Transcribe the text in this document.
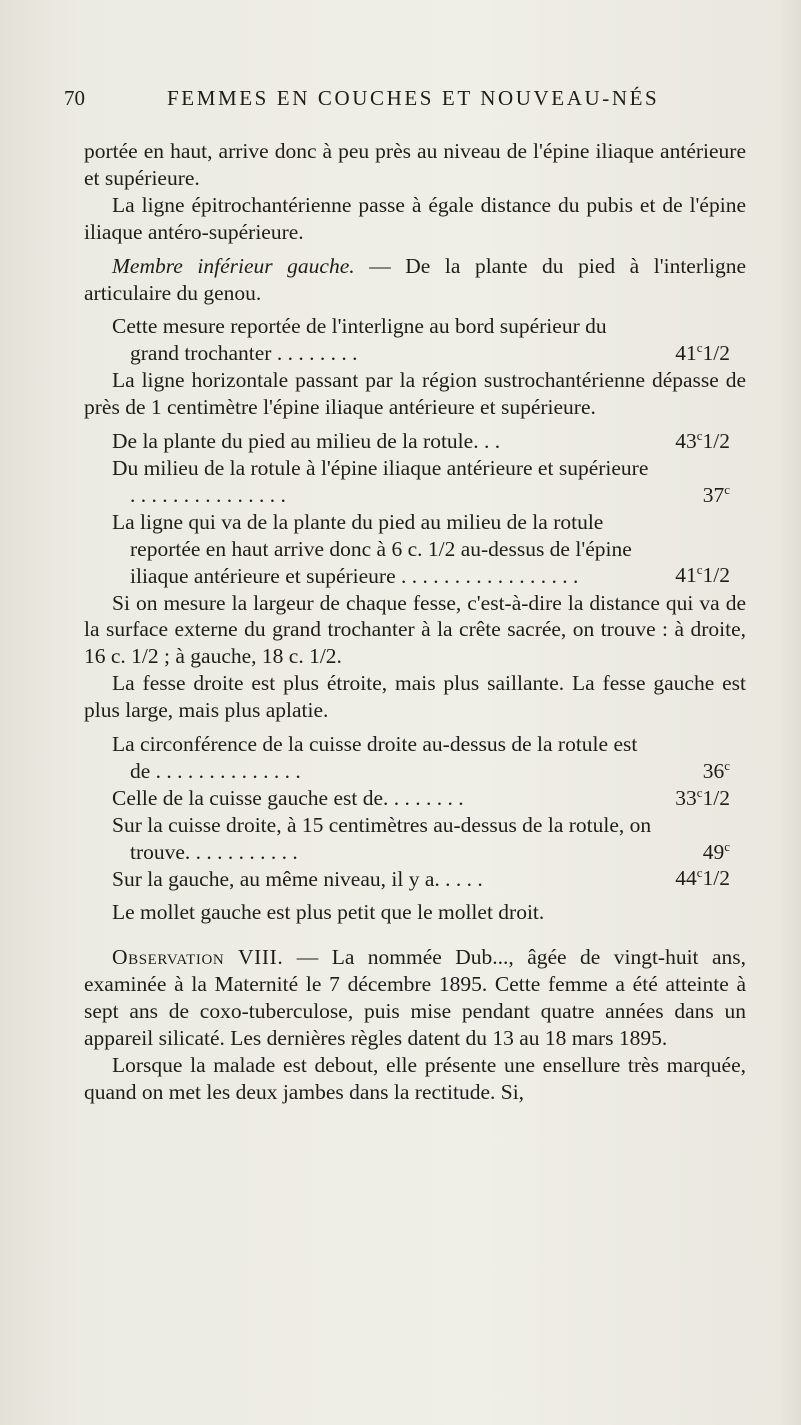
70	FEMMES EN COUCHES ET NOUVEAU-NÉS

portée en haut, arrive donc à peu près au niveau de l'épine iliaque antérieure et supérieure.

La ligne épitrochantérienne passe à égale distance du pubis et de l'épine iliaque antéro-supérieure.

Membre inférieur gauche. — De la plante du pied à l'interligne articulaire du genou.

Cette mesure reportée de l'interligne au bord supérieur du grand trochanter . . . . . . . .	41$^c$1/2

La ligne horizontale passant par la région sustrochantérienne dépasse de près de 1 centimètre l'épine iliaque antérieure et supérieure.

De la plante du pied au milieu de la rotule. . .	43$^c$1/2
Du milieu de la rotule à l'épine iliaque antérieure et supérieure . . . . . . . . . . . . . . .	37$^c$
La ligne qui va de la plante du pied au milieu de la rotule reportée en haut arrive donc à 6 c. 1/2 au-dessus de l'épine iliaque antérieure et supérieure . . . . . . . . . . . . . . . . .	41$^c$1/2

Si on mesure la largeur de chaque fesse, c'est-à-dire la distance qui va de la surface externe du grand trochanter à la crête sacrée, on trouve : à droite, 16 c. 1/2 ; à gauche, 18 c. 1/2.

La fesse droite est plus étroite, mais plus saillante. La fesse gauche est plus large, mais plus aplatie.

La circonférence de la cuisse droite au-dessus de la rotule est de . . . . . . . . . . . . . .	36$^c$
Celle de la cuisse gauche est de. . . . . . . .	33$^c$1/2
Sur la cuisse droite, à 15 centimètres au-dessus de la rotule, on trouve. . . . . . . . . . .	49$^c$
Sur la gauche, au même niveau, il y a. . . . .	44$^c$1/2

Le mollet gauche est plus petit que le mollet droit.

Observation VIII. — La nommée Dub..., âgée de vingt-huit ans, examinée à la Maternité le 7 décembre 1895. Cette femme a été atteinte à sept ans de coxo-tuberculose, puis mise pendant quatre années dans un appareil silicaté. Les dernières règles datent du 13 au 18 mars 1895.

Lorsque la malade est debout, elle présente une ensellure très marquée, quand on met les deux jambes dans la rectitude. Si,
